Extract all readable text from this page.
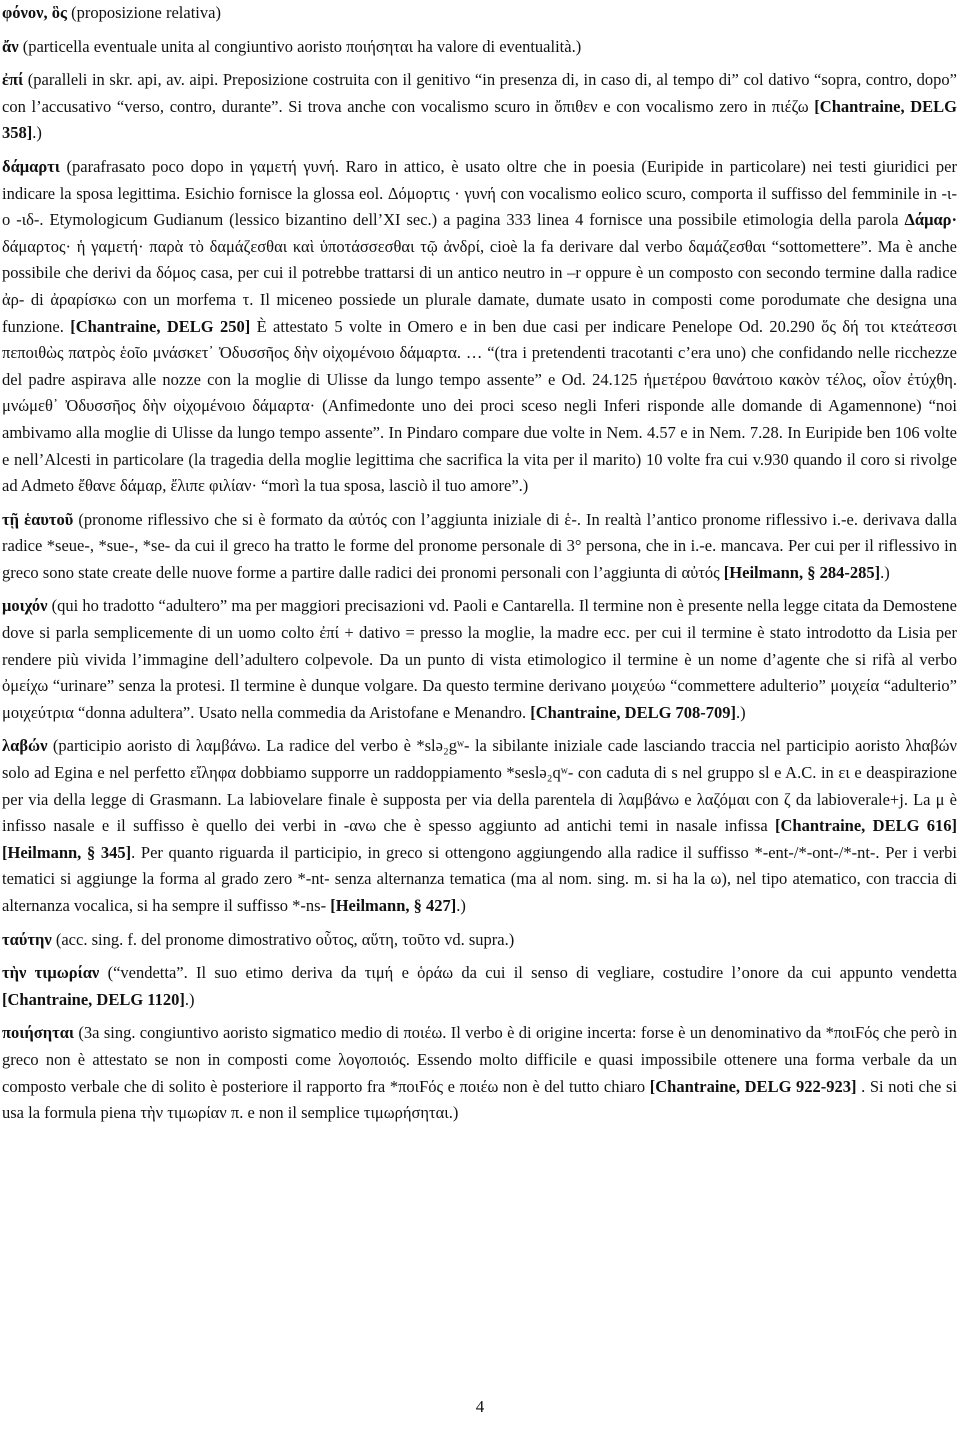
φόνον, ὃς (proposizione relativa)

ἄν (particella eventuale unita al congiuntivo aoristo ποιήσηται ha valore di eventualità.)

ἐπί (paralleli in skr. api, av. aipi. Preposizione costruita con il genitivo “in presenza di, in caso di, al tempo di” col dativo “sopra, contro, dopo” con l’accusativo “verso, contro, durante”. Si trova anche con vocalismo scuro in ὄπιθεν e con vocalismo zero in πιέζω [Chantraine, DELG 358].)

δάμαρτι (parafrasato poco dopo in γαμετή γυνή. Raro in attico, è usato oltre che in poesia (Euripide in particolare) nei testi giuridici per indicare la sposa legittima. Esichio fornisce la glossa eol. Δόμορτις · γυνή con vocalismo eolico scuro, comporta il suffisso del femminile in -ι- o -ιδ-. Etymologicum Gudianum (lessico bizantino dell’XI sec.) a pagina 333 linea 4 fornisce una possibile etimologia della parola Δάμαρ· δάμαρτος· ἡ γαμετή· παρὰ τὸ δαμάζεσθαι καὶ ὑποτάσσεσθαι τῷ ἀνδρί, cioè la fa derivare dal verbo δαμάζεσθαι “sottomettere”. Ma è anche possibile che derivi da δόμος casa, per cui il potrebbe trattarsi di un antico neutro in –r oppure è un composto con secondo termine dalla radice ἀρ- di ἀραρίσκω con un morfema τ. Il miceneo possiede un plurale damate, dumate usato in composti come porodumate che designa una funzione. [Chantraine, DELG 250] È attestato 5 volte in Omero e in ben due casi per indicare Penelope Od. 20.290 ὅς δή τοι κτεάτεσσι πεποιθὼς πατρὸς ἑοῖο μνάσκετ᾽ Ὀδυσσῆος δὴν οἰχομένοιο δάμαρτα. … “(tra i pretendenti tracotanti c’era uno) che confidando nelle ricchezze del padre aspirava alle nozze con la moglie di Ulisse da lungo tempo assente” e Od. 24.125 ἡμετέρου θανάτοιο κακὸν τέλος, οἷον ἐτύχθη. μνώμεθ᾽ Ὀδυσσῆος δὴν οἰχομένοιο δάμαρτα· (Anfimedonte uno dei proci sceso negli Inferi risponde alle domande di Agamennone) “noi ambivamo alla moglie di Ulisse da lungo tempo assente”. In Pindaro compare due volte in Nem. 4.57 e in Nem. 7.28. In Euripide ben 106 volte e nell’Alcesti in particolare (la tragedia della moglie legittima che sacrifica la vita per il marito) 10 volte fra cui v.930 quando il coro si rivolge ad Admeto ἔθανε δάμαρ, ἔλιπε φιλίαν· “morì la tua sposa, lasciò il tuo amore”.)

τῇ ἑαυτοῦ (pronome riflessivo che si è formato da αὐτός con l’aggiunta iniziale di ἑ-. In realtà l’antico pronome riflessivo i.-e. derivava dalla radice *seue-, *sue-, *se- da cui il greco ha tratto le forme del pronome personale di 3° persona, che in i.-e. mancava. Per cui per il riflessivo in greco sono state create delle nuove forme a partire dalle radici dei pronomi personali con l’aggiunta di αὐτός [Heilmann, § 284-285].)

μοιχόν (qui ho tradotto “adultero” ma per maggiori precisazioni vd. Paoli e Cantarella. Il termine non è presente nella legge citata da Demostene dove si parla semplicemente di un uomo colto ἐπί + dativo = presso la moglie, la madre ecc. per cui il termine è stato introdotto da Lisia per rendere più vivida l’immagine dell’adultero colpevole. Da un punto di vista etimologico il termine è un nome d’agente che si rifà al verbo ὀμείχω “urinare” senza la protesi. Il termine è dunque volgare. Da questo termine derivano μοιχεύω “commettere adulterio” μοιχεία “adulterio” μοιχεύτρια “donna adultera”. Usato nella commedia da Aristofane e Menandro. [Chantraine, DELG 708-709].)

λαβών (participio aoristo di λαμβάνω. La radice del verbo è *slə₂gʷ- la sibilante iniziale cade lasciando traccia nel participio aoristo λhαβών solo ad Egina e nel perfetto εἴληφα dobbiamo supporre un raddoppiamento *seslə₂qʷ- con caduta di s nel gruppo sl e A.C. in ει e deaspirazione per via della legge di Grasmann. La labiovelare finale è supposta per via della parentela di λαμβάνω e λαζόμαι con ζ da labioverale+j. La μ è infisso nasale e il suffisso è quello dei verbi in -ανω che è spesso aggiunto ad antichi temi in nasale infissa [Chantraine, DELG 616] [Heilmann, § 345]. Per quanto riguarda il participio, in greco si ottengono aggiungendo alla radice il suffisso *-ent-/*-ont-/*-nt-. Per i verbi tematici si aggiunge la forma al grado zero *-nt- senza alternanza tematica (ma al nom. sing. m. si ha la ω), nel tipo atematico, con traccia di alternanza vocalica, si ha sempre il suffisso *-ns- [Heilmann, § 427].)

ταύτην (acc. sing. f. del pronome dimostrativo οὗτος, αὕτη, τοῦτο vd. supra.)

τὴν τιμωρίαν (“vendetta”. Il suo etimo deriva da τιμή e ὁράω da cui il senso di vegliare, costudire l’onore da cui appunto vendetta [Chantraine, DELG 1120].)

ποιήσηται (3a sing. congiuntivo aoristo sigmatico medio di ποιέω. Il verbo è di origine incerta: forse è un denominativo da *ποιϜός che però in greco non è attestato se non in composti come λογοποιός. Essendo molto difficile e quasi impossibile ottenere una forma verbale da un composto verbale che di solito è posteriore il rapporto fra *ποιϜός e ποιέω non è del tutto chiaro [Chantraine, DELG 922-923] . Si noti che si usa la formula piena τὴν τιμωρίαν π. e non il semplice τιμωρήσηται.)

4
